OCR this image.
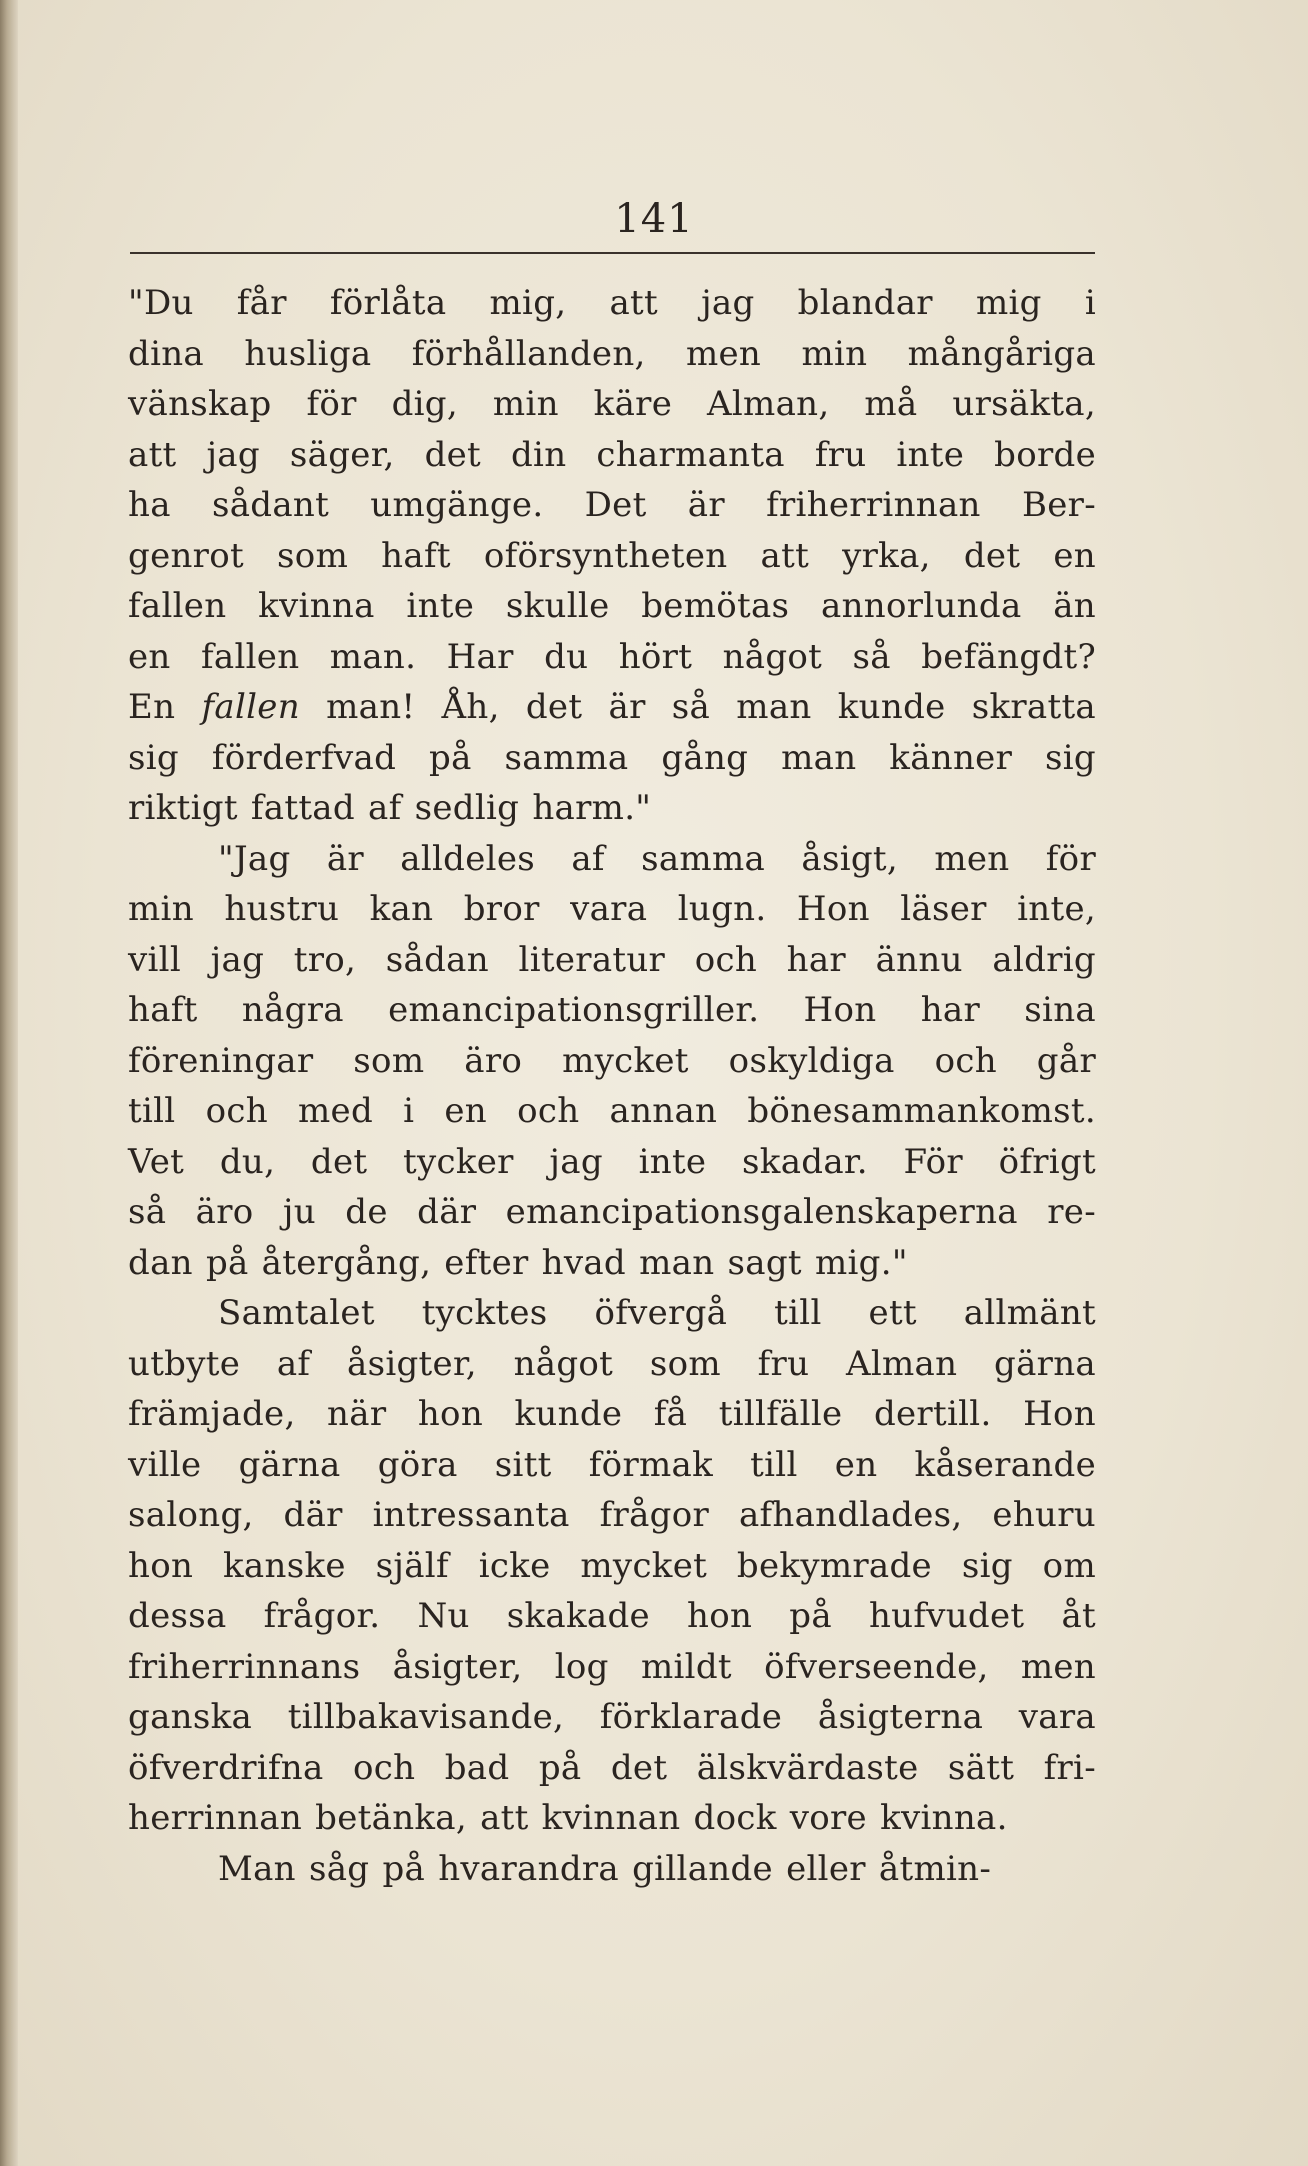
141
"Du får förlåta mig, att jag blandar mig i
dina husliga förhållanden, men min mångåriga
vänskap för dig, min käre Alman, må ursäkta,
att jag säger, det din charmanta fru inte borde
ha sådant umgänge. Det är friherrinnan Ber-
genrot som haft oförsyntheten att yrka, det en
fallen kvinna inte skulle bemötas annorlunda än
en fallen man. Har du hört något så befängdt?
En fallen man! Åh, det är så man kunde skratta
sig förderfvad på samma gång man känner sig
riktigt fattad af sedlig harm."
"Jag är alldeles af samma åsigt, men för
min hustru kan bror vara lugn. Hon läser inte,
vill jag tro, sådan literatur och har ännu aldrig
haft några emancipationsgriller. Hon har sina
föreningar som äro mycket oskyldiga och går
till och med i en och annan bönesammankomst.
Vet du, det tycker jag inte skadar. För öfrigt
så äro ju de där emancipationsgalenskaperna re-
dan på återgång, efter hvad man sagt mig."
Samtalet tycktes öfvergå till ett allmänt
utbyte af åsigter, något som fru Alman gärna
främjade, när hon kunde få tillfälle dertill. Hon
ville gärna göra sitt förmak till en kåserande
salong, där intressanta frågor afhandlades, ehuru
hon kanske själf icke mycket bekymrade sig om
dessa frågor. Nu skakade hon på hufvudet åt
friherrinnans åsigter, log mildt öfverseende, men
ganska tillbakavisande, förklarade åsigterna vara
öfverdrifna och bad på det älskvärdaste sätt fri-
herrinnan betänka, att kvinnan dock vore kvinna.
Man såg på hvarandra gillande eller åtmin-
